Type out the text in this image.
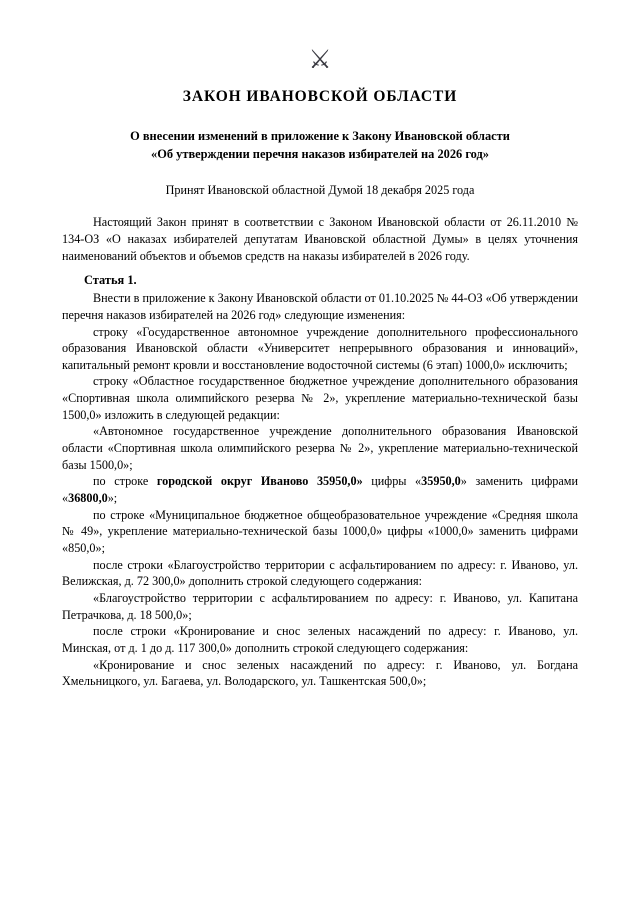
⚔
ЗАКОН ИВАНОВСКОЙ ОБЛАСТИ
О внесении изменений в приложение к Закону Ивановской области
«Об утверждении перечня наказов избирателей на 2026 год»
Принят Ивановской областной Думой 18 декабря 2025 года

Настоящий Закон принят в соответствии с Законом Ивановской области от 26.11.2010 № 134-ОЗ «О наказах избирателей депутатам Ивановской областной Думы» в целях уточнения наименований объектов и объемов средств на наказы избирателей в 2026 году.

Статья 1.

Внести в приложение к Закону Ивановской области от 01.10.2025 № 44-ОЗ «Об утверждении перечня наказов избирателей на 2026 год» следующие изменения:

строку «Государственное автономное учреждение дополнительного профессионального образования Ивановской области «Университет непрерывного образования и инноваций», капитальный ремонт кровли и восстановление водосточной системы (6 этап) 1000,0» исключить;

строку «Областное государственное бюджетное учреждение дополнительного образования «Спортивная школа олимпийского резерва № 2», укрепление материально-технической базы 1500,0» изложить в следующей редакции:

«Автономное государственное учреждение дополнительного образования Ивановской области «Спортивная школа олимпийского резерва № 2», укрепление материально-технической базы 1500,0»;

по строке городской округ Иваново 35950,0» цифры «35950,0» заменить цифрами «36800,0»;

по строке «Муниципальное бюджетное общеобразовательное учреждение «Средняя школа № 49», укрепление материально-технической базы 1000,0» цифры «1000,0» заменить цифрами «850,0»;

после строки «Благоустройство территории с асфальтированием по адресу: г. Иваново, ул. Велижская, д. 72 300,0» дополнить строкой следующего содержания:

«Благоустройство территории с асфальтированием по адресу: г. Иваново, ул. Капитана Петрачкова, д. 18 500,0»;

после строки «Кронирование и снос зеленых насаждений по адресу: г. Иваново, ул. Минская, от д. 1 до д. 117 300,0» дополнить строкой следующего содержания:

«Кронирование и снос зеленых насаждений по адресу: г. Иваново, ул. Богдана Хмельницкого, ул. Багаева, ул. Володарского, ул. Ташкентская 500,0»;
